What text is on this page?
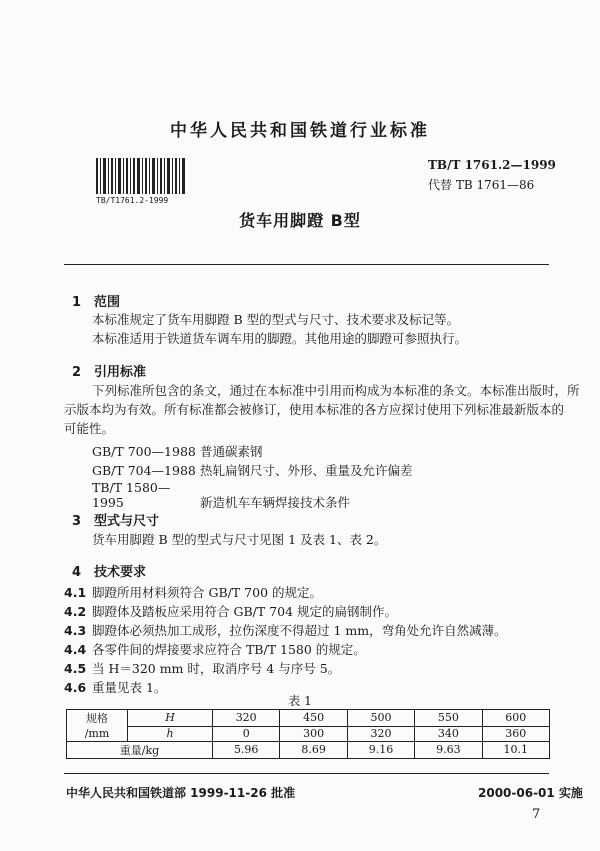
中华人民共和国铁道行业标准
TB/T1761.2-1999
TB/T 1761.2—1999
代替 TB 1761—86
货车用脚蹬 B型
1 范围
本标准规定了货车用脚蹬 B 型的型式与尺寸、技术要求及标记等。
本标准适用于铁道货车调车用的脚蹬。其他用途的脚蹬可参照执行。
2 引用标准
下列标准所包含的条文，通过在本标准中引用而构成为本标准的条文。本标准出版时，所
示版本均为有效。所有标准都会被修订，使用本标准的各方应探讨使用下列标准最新版本的
可能性。
GB/T 700—1988 普通碳素钢
GB/T 704—1988 热轧扁钢尺寸、外形、重量及允许偏差
TB/T 1580—1995	新造机车车辆焊接技术条件
3 型式与尺寸
货车用脚蹬 B 型的型式与尺寸见图 1 及表 1、表 2。
4 技术要求
4.1 脚蹬所用材料须符合 GB/T 700 的规定。
4.2 脚蹬体及踏板应采用符合 GB/T 704 规定的扁钢制作。
4.3 脚蹬体必须热加工成形，拉伤深度不得超过 1 mm，弯角处允许自然减薄。
4.4 各零件间的焊接要求应符合 TB/T 1580 的规定。
4.5 当 H＝320 mm 时，取消序号 4 与序号 5。
4.6 重量见表 1。
表 1
规格	H	320	450	500	550	600
/mm	h	0	300	320	340	360
重量/kg		5.96	8.69	9.16	9.63	10.1
中华人民共和国铁道部 1999-11-26 批准	2000-06-01 实施
7
